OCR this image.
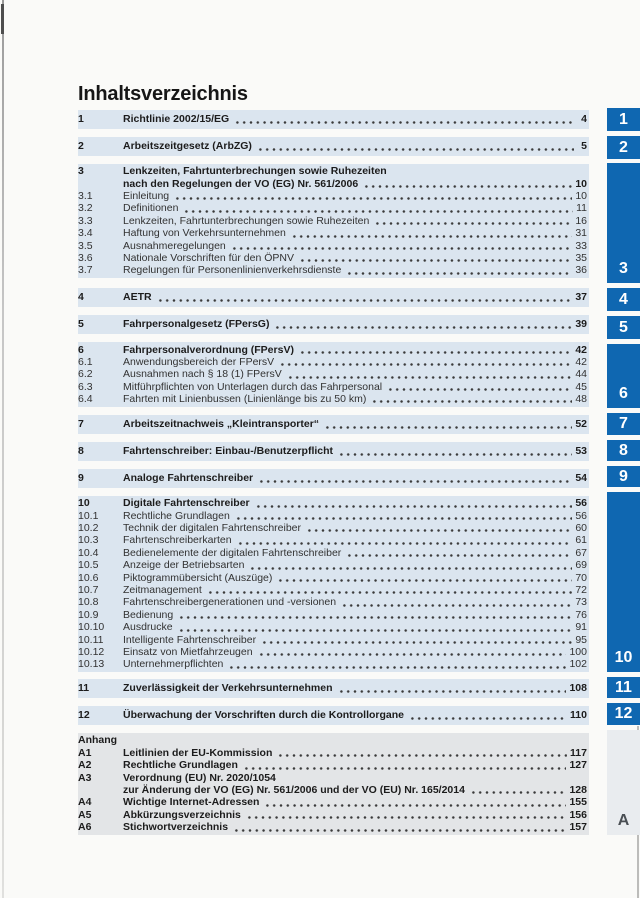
Inhaltsverzeichnis
1	Richtlinie 2002/15/EG	4
2	Arbeitszeitgesetz (ArbZG)	5
3	Lenkzeiten, Fahrtunterbrechungen sowie Ruhezeiten
nach den Regelungen der VO (EG) Nr. 561/2006	10
3.1	Einleitung	10
3.2	Definitionen	11
3.3	Lenkzeiten, Fahrtunterbrechungen sowie Ruhezeiten	16
3.4	Haftung von Verkehrsunternehmen	31
3.5	Ausnahmeregelungen	33
3.6	Nationale Vorschriften für den ÖPNV	35
3.7	Regelungen für Personenlinienverkehrsdienste	36
4	AETR	37
5	Fahrpersonalgesetz (FPersG)	39
6	Fahrpersonalverordnung (FPersV)	42
6.1	Anwendungsbereich der FPersV	42
6.2	Ausnahmen nach § 18 (1) FPersV	44
6.3	Mitführpflichten von Unterlagen durch das Fahrpersonal	45
6.4	Fahrten mit Linienbussen (Linienlänge bis zu 50 km)	48
7	Arbeitszeitnachweis „Kleintransporter“	52
8	Fahrtenschreiber: Einbau-/Benutzerpflicht	53
9	Analoge Fahrtenschreiber	54
10	Digitale Fahrtenschreiber	56
10.1	Rechtliche Grundlagen	56
10.2	Technik der digitalen Fahrtenschreiber	60
10.3	Fahrtenschreiberkarten	61
10.4	Bedienelemente der digitalen Fahrtenschreiber	67
10.5	Anzeige der Betriebsarten	69
10.6	Piktogrammübersicht (Auszüge)	70
10.7	Zeitmanagement	72
10.8	Fahrtenschreibergenerationen und -versionen	73
10.9	Bedienung	76
10.10	Ausdrucke	91
10.11	Intelligente Fahrtenschreiber	95
10.12	Einsatz von Mietfahrzeugen	100
10.13	Unternehmerpflichten	102
11	Zuverlässigkeit der Verkehrsunternehmen	108
12	Überwachung der Vorschriften durch die Kontrollorgane	110
Anhang
A1	Leitlinien der EU-Kommission	117
A2	Rechtliche Grundlagen	127
A3	Verordnung (EU) Nr. 2020/1054
zur Änderung der VO (EG) Nr. 561/2006 und der VO (EU) Nr. 165/2014	128
A4	Wichtige Internet-Adressen	155
A5	Abkürzungsverzeichnis	156
A6	Stichwortverzeichnis	157
1
2
3
4
5
6
7
8
9
10
11
12
A
